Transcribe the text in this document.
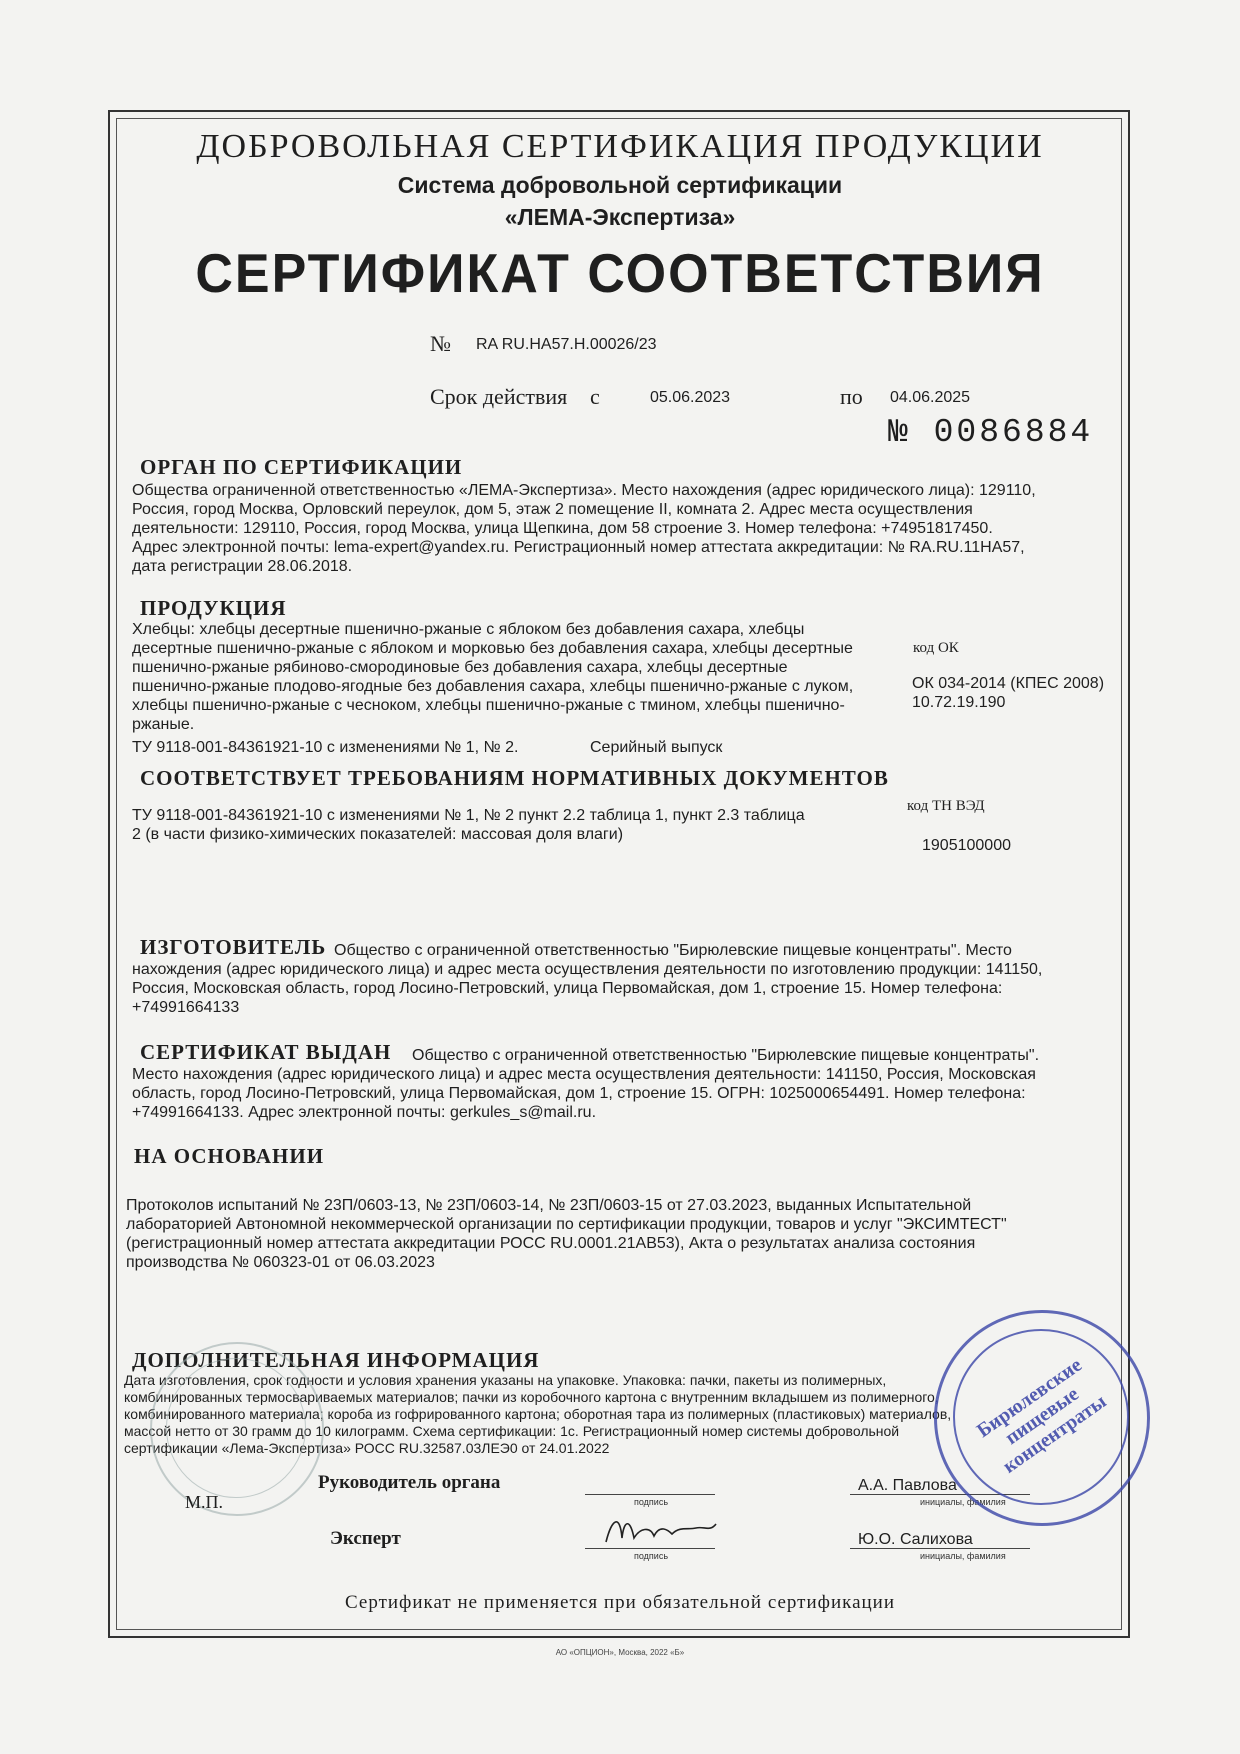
ДОБРОВОЛЬНАЯ СЕРТИФИКАЦИЯ ПРОДУКЦИИ
Система добровольной сертификации
«ЛЕМА-Экспертиза»
СЕРТИФИКАТ СООТВЕТСТВИЯ
№ RA RU.HA57.H.00026/23
Срок действия с	05.06.2023	по 04.06.2025
№ 0086884
ОРГАН ПО СЕРТИФИКАЦИИ
Общества ограниченной ответственностью «ЛЕМА-Экспертиза». Место нахождения (адрес юридического лица): 129110,
Россия, город Москва, Орловский переулок, дом 5, этаж 2 помещение II, комната 2. Адрес места осуществления
деятельности: 129110, Россия, город Москва, улица Щепкина, дом 58 строение 3. Номер телефона: +74951817450.
Адрес электронной почты: lema-expert@yandex.ru. Регистрационный номер аттестата аккредитации: № RA.RU.11HA57,
дата регистрации 28.06.2018.
ПРОДУКЦИЯ
Хлебцы: хлебцы десертные пшенично-ржаные с яблоком без добавления сахара, хлебцы
десертные пшенично-ржаные с яблоком и морковью без добавления сахара, хлебцы десертные
пшенично-ржаные рябиново-смородиновые без добавления сахара, хлебцы десертные
пшенично-ржаные плодово-ягодные без добавления сахара, хлебцы пшенично-ржаные с луком,
хлебцы пшенично-ржаные с чесноком, хлебцы пшенично-ржаные с тмином, хлебцы пшенично-
ржаные.
ТУ 9118-001-84361921-10 с изменениями № 1, № 2.	Серийный выпуск
код ОК
ОК 034-2014 (КПЕС 2008)
10.72.19.190
СООТВЕТСТВУЕТ ТРЕБОВАНИЯМ НОРМАТИВНЫХ ДОКУМЕНТОВ
ТУ 9118-001-84361921-10 с изменениями № 1, № 2 пункт 2.2 таблица 1, пункт 2.3 таблица
2 (в части физико-химических показателей: массовая доля влаги)
код ТН ВЭД
1905100000
ИЗГОТОВИТЕЛЬ Общество с ограниченной ответственностью "Бирюлевские пищевые концентраты". Место
нахождения (адрес юридического лица) и адрес места осуществления деятельности по изготовлению продукции: 141150,
Россия, Московская область, город Лосино-Петровский, улица Первомайская, дом 1, строение 15. Номер телефона:
+74991664133
СЕРТИФИКАТ ВЫДАН Общество с ограниченной ответственностью "Бирюлевские пищевые концентраты".
Место нахождения (адрес юридического лица) и адрес места осуществления деятельности: 141150, Россия, Московская
область, город Лосино-Петровский, улица Первомайская, дом 1, строение 15. ОГРН: 1025000654491. Номер телефона:
+74991664133. Адрес электронной почты: gerkules_s@mail.ru.
НА ОСНОВАНИИ
Протоколов испытаний № 23П/0603-13, № 23П/0603-14, № 23П/0603-15 от 27.03.2023, выданных Испытательной
лабораторией Автономной некоммерческой организации по сертификации продукции, товаров и услуг "ЭКСИМТЕСТ"
(регистрационный номер аттестата аккредитации РОСС RU.0001.21АВ53), Акта о результатах анализа состояния
производства № 060323-01 от 06.03.2023
ДОПОЛНИТЕЛЬНАЯ ИНФОРМАЦИЯ
Дата изготовления, срок годности и условия хранения указаны на упаковке. Упаковка: пачки, пакеты из полимерных,
комбинированных термосвариваемых материалов; пачки из коробочного картона с внутренним вкладышем из полимерного,
комбинированного материала; короба из гофрированного картона; оборотная тара из полимерных (пластиковых) материалов,
массой нетто от 30 грамм до 10 килограмм. Схема сертификации: 1с. Регистрационный номер системы добровольной
сертификации «Лема-Экспертиза» РОСС RU.32587.03ЛЕЭ0 от 24.01.2022
М.П.
Руководитель органа
подпись
А.А. Павлова
инициалы, фамилия
Эксперт
подпись
Ю.О. Салихова
инициалы, фамилия
Бирюлевские пищевые концентраты
Сертификат не применяется при обязательной сертификации
АО «ОПЦИОН», Москва, 2022 «Б»
